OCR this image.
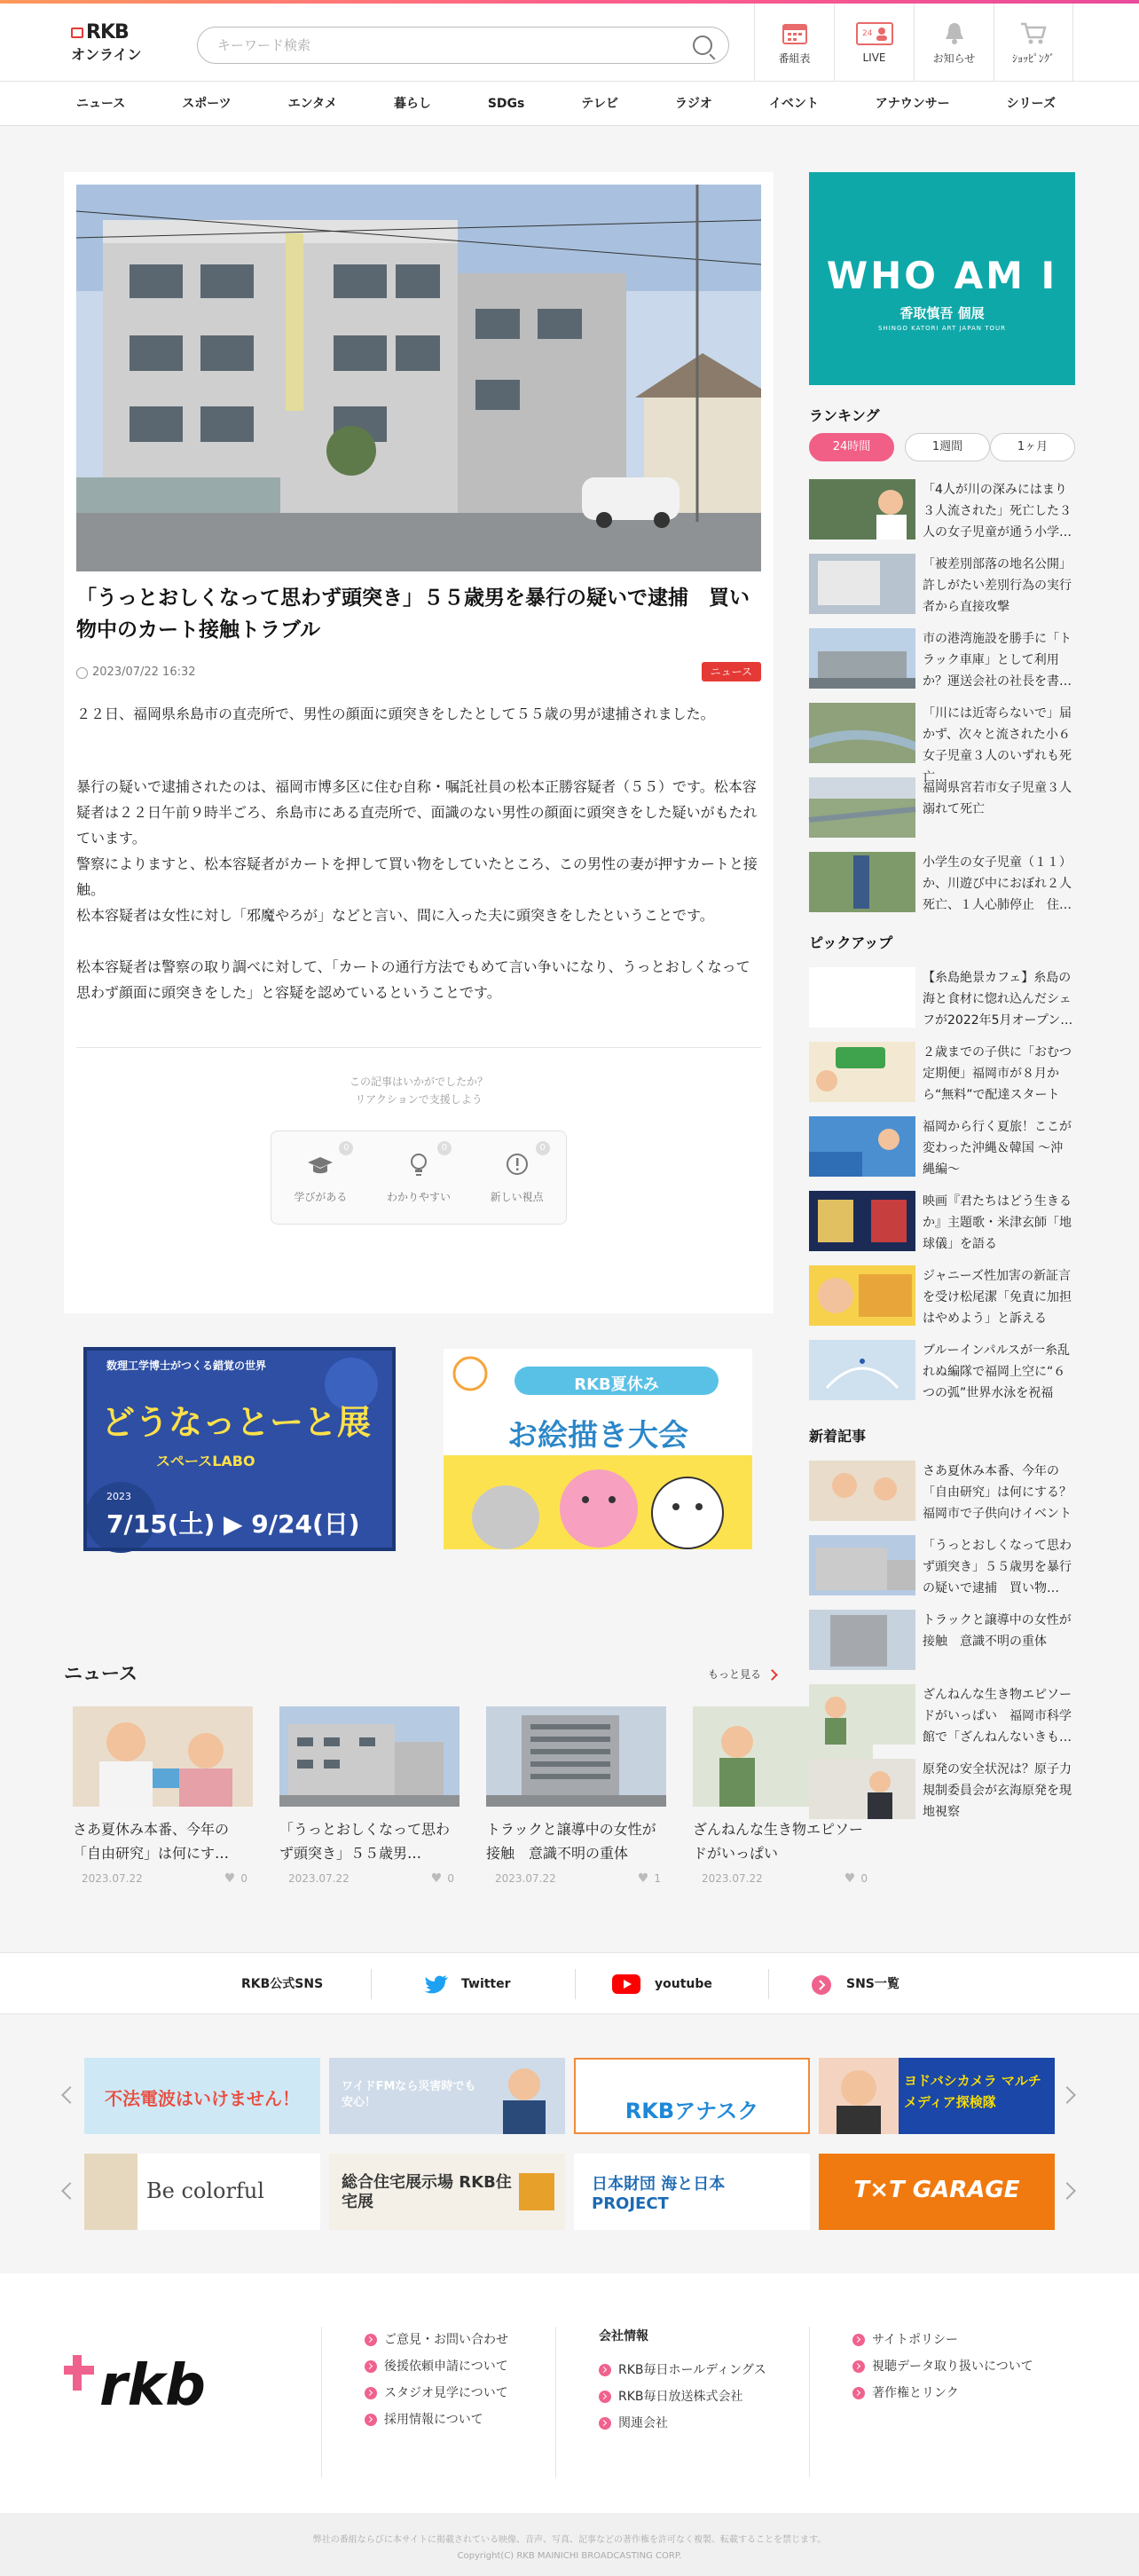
RKB
オンライン
キーワード検索	番組表
24
LIVE	お知らせ	ｼｮｯﾋﾟﾝｸﾞ
ニュース	スポーツ	エンタメ	暮らし	SDGs	テレビ	ラジオ	イベント	アナウンサー	シリーズ
「うっとおしくなって思わず頭突き」５５歳男を暴行の疑いで逮捕　買い物中のカート接触トラブル
2023/07/22 16:32	ニュース

２２日、福岡県糸島市の直売所で、男性の顔面に頭突きをしたとして５５歳の男が逮捕されました。

暴行の疑いで逮捕されたのは、福岡市博多区に住む自称・嘱託社員の松本正勝容疑者（５５）です。松本容疑者は２２日午前９時半ごろ、糸島市にある直売所で、面識のない男性の顔面に頭突きをした疑いがもたれています。

警察によりますと、松本容疑者がカートを押して買い物をしていたところ、この男性の妻が押すカートと接触。

松本容疑者は女性に対し「邪魔やろが」などと言い、間に入った夫に頭突きをしたということです。

松本容疑者は警察の取り調べに対して、「カートの通行方法でもめて言い争いになり、うっとおしくなって思わず顔面に頭突きをした」と容疑を認めているということです。

この記事はいかがでしたか？
リアクションで支援しよう
0
学びがある
0
わかりやすい
0
新しい視点
数理工学博士がつくる錯覚の世界
どうなっとーと展
スペースLABO
2023
7/15(土) ▶ 9/24(日)
RKB夏休み
お絵描き大会
ニュース	もっと見る
さあ夏休み本番、今年の「自由研究」は何にす…
2023.07.22	♥ 0
「うっとおしくなって思わず頭突き」５５歳男…
2023.07.22	♥ 0
トラックと譲導中の女性が接触　意識不明の重体
2023.07.22	♥ 1
ざんねんな生き物エピソードがいっぱい
2023.07.22	♥ 0
WHO AM I
香取慎吾 個展
SHINGO KATORI ART JAPAN TOUR
ランキング
24時間	1週間	1ヶ月
「4人が川の深みにはまり３人流された」死亡した３人の女子児童が通う小学…
「被差別部落の地名公開」許しがたい差別行為の実行者から直接攻撃
市の港湾施設を勝手に「トラック車庫」として利用か？運送会社の社長を書…
「川には近寄らないで」届かず、次々と流された小６女子児童３人のいずれも死亡…
福岡県宮若市女子児童３人溺れて死亡
小学生の女子児童（１１）か、川遊び中におぼれ２人死亡、１人心肺停止　住…
ピックアップ
【糸島絶景カフェ】糸島の海と食材に惚れ込んだシェフが2022年5月オープン…
２歳までの子供に「おむつ定期便」福岡市が８月から“無料”で配達スタート
福岡から行く夏旅！ここが変わった沖縄＆韓国 〜沖縄編〜
映画『君たちはどう生きるか』主題歌・米津玄師「地球儀」を語る
ジャニーズ性加害の新証言を受け松尾潔「免責に加担はやめよう」と訴える
ブルーインパルスが一糸乱れぬ編隊で福岡上空に“６つの弧”世界水泳を祝福
新着記事
さあ夏休み本番、今年の「自由研究」は何にする？福岡市で子供向けイベント
「うっとおしくなって思わず頭突き」５５歳男を暴行の疑いで逮捕　買い物…
トラックと譲導中の女性が接触　意識不明の重体
ざんねんな生き物エピソードがいっぱい　福岡市科学館で「ざんねんないきも…
原発の安全状況は？原子力規制委員会が玄海原発を現地視察
RKB公式SNS	Twitter	youtube	SNS一覧
不法電波はいけません！
ワイドFMなら災害時でも安心！	RKBアナスク
ヨドバシカメラ マルチメディア探検隊
Be colorful	総合住宅展示場 RKB住宅展
日本財団 海と日本PROJECT
T×T GARAGE
rkb
ご意見・お問い合わせ
後援依頼申請について
スタジオ見学について
採用情報について
会社情報
RKB毎日ホールディングス
RKB毎日放送株式会社
関連会社
サイトポリシー
視聴データ取り扱いについて
著作権とリンク
弊社の番組ならびに本サイトに掲載されている映像、音声、写真、記事などの著作権を許可なく複製、転載することを禁じます。
Copyright(C) RKB MAINICHI BROADCASTING CORP.
